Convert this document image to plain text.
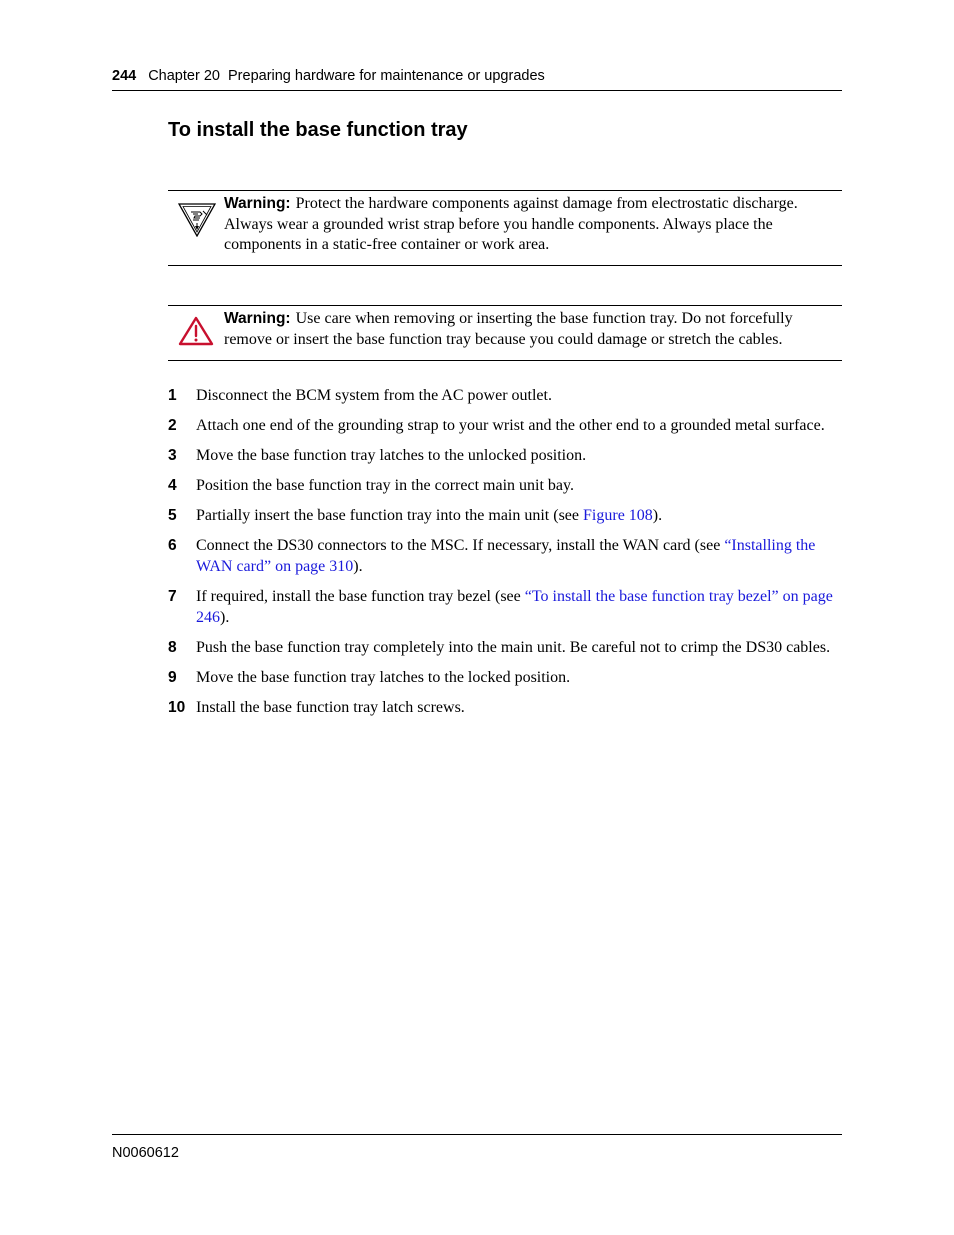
244 Chapter 20  Preparing hardware for maintenance or upgrades
To install the base function tray
Warning: Protect the hardware components against damage from electrostatic discharge. Always wear a grounded wrist strap before you handle components. Always place the components in a static-free container or work area.
Warning: Use care when removing or inserting the base function tray. Do not forcefully remove or insert the base function tray because you could damage or stretch the cables.
1 Disconnect the BCM system from the AC power outlet.
2 Attach one end of the grounding strap to your wrist and the other end to a grounded metal surface.
3 Move the base function tray latches to the unlocked position.
4 Position the base function tray in the correct main unit bay.
5 Partially insert the base function tray into the main unit (see Figure 108).
6 Connect the DS30 connectors to the MSC. If necessary, install the WAN card (see “Installing the WAN card” on page 310).
7 If required, install the base function tray bezel (see “To install the base function tray bezel” on page 246).
8 Push the base function tray completely into the main unit. Be careful not to crimp the DS30 cables.
9 Move the base function tray latches to the locked position.
10 Install the base function tray latch screws.
N0060612
